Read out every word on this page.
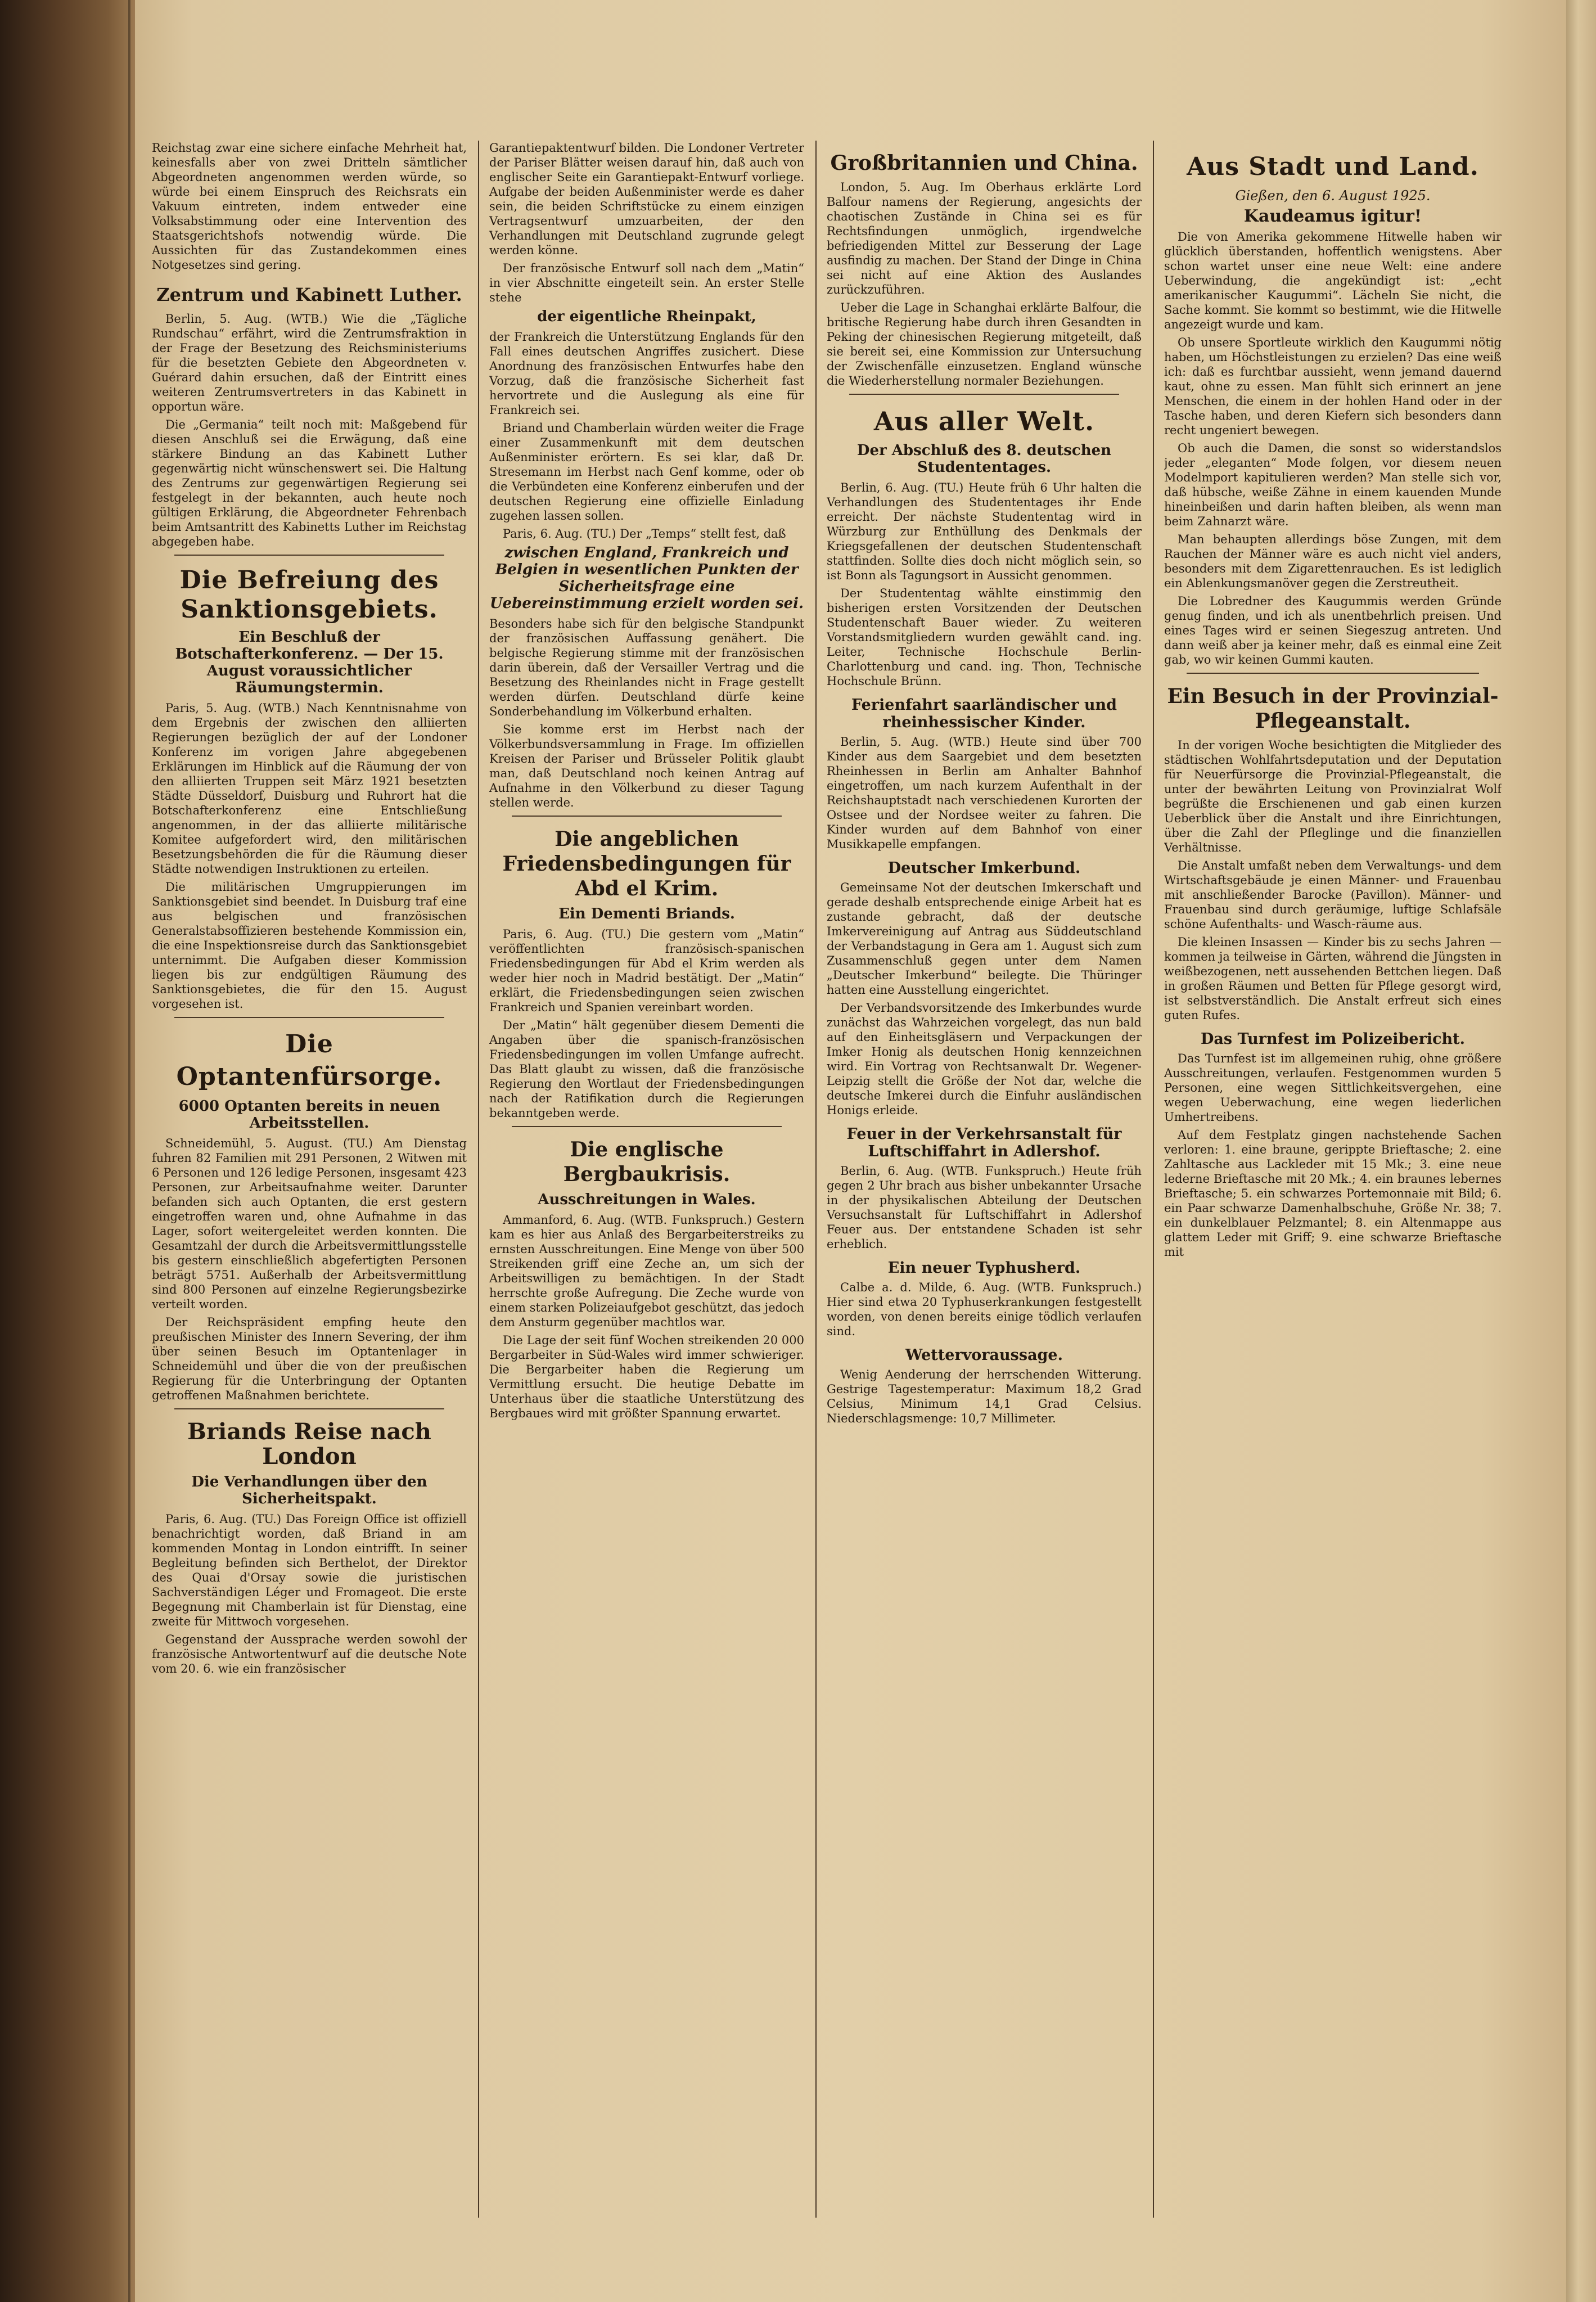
Reichstag zwar eine sichere einfache Mehrheit hat, keinesfalls aber von zwei Dritteln sämtlicher Abgeordneten angenommen werden würde, so würde bei einem Einspruch des Reichsrats ein Vakuum eintreten, indem entweder eine Volksabstimmung oder eine Intervention des Staatsgerichtshofs notwendig würde. Die Aussichten für das Zustandekommen eines Notgesetzes sind gering.

Zentrum und Kabinett Luther.

Berlin, 5. Aug. (WTB.) Wie die „Tägliche Rundschau“ erfährt, wird die Zentrumsfraktion in der Frage der Besetzung des Reichsministeriums für die besetzten Gebiete den Abgeordneten v. Guérard dahin ersuchen, daß der Eintritt eines weiteren Zentrumsvertreters in das Kabinett in opportun wäre.

Die „Germania“ teilt noch mit: Maßgebend für diesen Anschluß sei die Erwägung, daß eine stärkere Bindung an das Kabinett Luther gegenwärtig nicht wünschenswert sei. Die Haltung des Zentrums zur gegenwärtigen Regierung sei festgelegt in der bekannten, auch heute noch gültigen Erklärung, die Abgeordneter Fehrenbach beim Amtsantritt des Kabinetts Luther im Reichstag abgegeben habe.

Die Befreiung des Sanktionsgebiets.
Ein Beschluß der Botschafterkonferenz. — Der 15. August voraussichtlicher Räumungstermin.

Paris, 5. Aug. (WTB.) Nach Kenntnisnahme von dem Ergebnis der zwischen den alliierten Regierungen bezüglich der auf der Londoner Konferenz im vorigen Jahre abgegebenen Erklärungen im Hinblick auf die Räumung der von den alliierten Truppen seit März 1921 besetzten Städte Düsseldorf, Duisburg und Ruhrort hat die Botschafterkonferenz eine Entschließung angenommen, in der das alliierte militärische Komitee aufgefordert wird, den militärischen Besetzungsbehörden die für die Räumung dieser Städte notwendigen Instruktionen zu erteilen.

Die militärischen Umgruppierungen im Sanktionsgebiet sind beendet. In Duisburg traf eine aus belgischen und französischen Generalstabsoffizieren bestehende Kommission ein, die eine Inspektionsreise durch das Sanktionsgebiet unternimmt. Die Aufgaben dieser Kommission liegen bis zur endgültigen Räumung des Sanktionsgebietes, die für den 15. August vorgesehen ist.

Die Optantenfürsorge.
6000 Optanten bereits in neuen Arbeitsstellen.

Schneidemühl, 5. August. (TU.) Am Dienstag fuhren 82 Familien mit 291 Personen, 2 Witwen mit 6 Personen und 126 ledige Personen, insgesamt 423 Personen, zur Arbeitsaufnahme weiter. Darunter befanden sich auch Optanten, die erst gestern eingetroffen waren und, ohne Aufnahme in das Lager, sofort weitergeleitet werden konnten. Die Gesamtzahl der durch die Arbeitsvermittlungsstelle bis gestern einschließlich abgefertigten Personen beträgt 5751. Außerhalb der Arbeitsvermittlung sind 800 Personen auf einzelne Regierungsbezirke verteilt worden.

Der Reichspräsident empfing heute den preußischen Minister des Innern Severing, der ihm über seinen Besuch im Optantenlager in Schneidemühl und über die von der preußischen Regierung für die Unterbringung der Optanten getroffenen Maßnahmen berichtete.

Briands Reise nach London
Die Verhandlungen über den Sicherheitspakt.

Paris, 6. Aug. (TU.) Das Foreign Office ist offiziell benachrichtigt worden, daß Briand in am kommenden Montag in London eintrifft. In seiner Begleitung befinden sich Berthelot, der Direktor des Quai d'Orsay sowie die juristischen Sachverständigen Léger und Fromageot. Die erste Begegnung mit Chamberlain ist für Dienstag, eine zweite für Mittwoch vorgesehen.

Gegenstand der Aussprache werden sowohl der französische Antwortentwurf auf die deutsche Note vom 20. 6. wie ein französischer

Garantiepaktentwurf bilden. Die Londoner Vertreter der Pariser Blätter weisen darauf hin, daß auch von englischer Seite ein Garantiepakt-Entwurf vorliege. Aufgabe der beiden Außenminister werde es daher sein, die beiden Schriftstücke zu einem einzigen Vertragsentwurf umzuarbeiten, der den Verhandlungen mit Deutschland zugrunde gelegt werden könne.

Der französische Entwurf soll nach dem „Matin“ in vier Abschnitte eingeteilt sein. An erster Stelle stehe

der eigentliche Rheinpakt,

der Frankreich die Unterstützung Englands für den Fall eines deutschen Angriffes zusichert. Diese Anordnung des französischen Entwurfes habe den Vorzug, daß die französische Sicherheit fast hervortrete und die Auslegung als eine für Frankreich sei.

Briand und Chamberlain würden weiter die Frage einer Zusammenkunft mit dem deutschen Außenminister erörtern. Es sei klar, daß Dr. Stresemann im Herbst nach Genf komme, oder ob die Verbündeten eine Konferenz einberufen und der deutschen Regierung eine offizielle Einladung zugehen lassen sollen.

Paris, 6. Aug. (TU.) Der „Temps“ stellt fest, daß

zwischen England, Frankreich und Belgien in wesentlichen Punkten der Sicherheitsfrage eine Uebereinstimmung erzielt worden sei.

Besonders habe sich für den belgische Standpunkt der französischen Auffassung genähert. Die belgische Regierung stimme mit der französischen darin überein, daß der Versailler Vertrag und die Besetzung des Rheinlandes nicht in Frage gestellt werden dürfen. Deutschland dürfe keine Sonderbehandlung im Völkerbund erhalten.

Sie komme erst im Herbst nach der Völkerbundsversammlung in Frage. Im offiziellen Kreisen der Pariser und Brüsseler Politik glaubt man, daß Deutschland noch keinen Antrag auf Aufnahme in den Völkerbund zu dieser Tagung stellen werde.

Die angeblichen Friedensbedingungen für Abd el Krim.
Ein Dementi Briands.

Paris, 6. Aug. (TU.) Die gestern vom „Matin“ veröffentlichten französisch-spanischen Friedensbedingungen für Abd el Krim werden als weder hier noch in Madrid bestätigt. Der „Matin“ erklärt, die Friedensbedingungen seien zwischen Frankreich und Spanien vereinbart worden.

Der „Matin“ hält gegenüber diesem Dementi die Angaben über die spanisch-französischen Friedensbedingungen im vollen Umfange aufrecht. Das Blatt glaubt zu wissen, daß die französische Regierung den Wortlaut der Friedensbedingungen nach der Ratifikation durch die Regierungen bekanntgeben werde.

Die englische Bergbaukrisis.
Ausschreitungen in Wales.

Ammanford, 6. Aug. (WTB. Funkspruch.) Gestern kam es hier aus Anlaß des Bergarbeiterstreiks zu ernsten Ausschreitungen. Eine Menge von über 500 Streikenden griff eine Zeche an, um sich der Arbeitswilligen zu bemächtigen. In der Stadt herrschte große Aufregung. Die Zeche wurde von einem starken Polizeiaufgebot geschützt, das jedoch dem Ansturm gegenüber machtlos war.

Die Lage der seit fünf Wochen streikenden 20 000 Bergarbeiter in Süd-Wales wird immer schwieriger. Die Bergarbeiter haben die Regierung um Vermittlung ersucht. Die heutige Debatte im Unterhaus über die staatliche Unterstützung des Bergbaues wird mit größter Spannung erwartet.

Großbritannien und China.

London, 5. Aug. Im Oberhaus erklärte Lord Balfour namens der Regierung, angesichts der chaotischen Zustände in China sei es für Rechtsfindungen unmöglich, irgendwelche befriedigenden Mittel zur Besserung der Lage ausfindig zu machen. Der Stand der Dinge in China sei nicht auf eine Aktion des Auslandes zurückzuführen.

Ueber die Lage in Schanghai erklärte Balfour, die britische Regierung habe durch ihren Gesandten in Peking der chinesischen Regierung mitgeteilt, daß sie bereit sei, eine Kommission zur Untersuchung der Zwischenfälle einzusetzen. England wünsche die Wiederherstellung normaler Beziehungen.

Aus aller Welt.
Der Abschluß des 8. deutschen Studententages.

Berlin, 6. Aug. (TU.) Heute früh 6 Uhr halten die Verhandlungen des Studententages ihr Ende erreicht. Der nächste Studententag wird in Würzburg zur Enthüllung des Denkmals der Kriegsgefallenen der deutschen Studentenschaft stattfinden. Sollte dies doch nicht möglich sein, so ist Bonn als Tagungsort in Aussicht genommen.

Der Studententag wählte einstimmig den bisherigen ersten Vorsitzenden der Deutschen Studentenschaft Bauer wieder. Zu weiteren Vorstandsmitgliedern wurden gewählt cand. ing. Leiter, Technische Hochschule Berlin-Charlottenburg und cand. ing. Thon, Technische Hochschule Brünn.

Ferienfahrt saarländischer und rheinhessischer Kinder.

Berlin, 5. Aug. (WTB.) Heute sind über 700 Kinder aus dem Saargebiet und dem besetzten Rheinhessen in Berlin am Anhalter Bahnhof eingetroffen, um nach kurzem Aufenthalt in der Reichshauptstadt nach verschiedenen Kurorten der Ostsee und der Nordsee weiter zu fahren. Die Kinder wurden auf dem Bahnhof von einer Musikkapelle empfangen.

Deutscher Imkerbund.

Gemeinsame Not der deutschen Imkerschaft und gerade deshalb entsprechende einige Arbeit hat es zustande gebracht, daß der deutsche Imkervereinigung auf Antrag aus Süddeutschland der Verbandstagung in Gera am 1. August sich zum Zusammenschluß gegen unter dem Namen „Deutscher Imkerbund“ beilegte. Die Thüringer hatten eine Ausstellung eingerichtet.

Der Verbandsvorsitzende des Imkerbundes wurde zunächst das Wahrzeichen vorgelegt, das nun bald auf den Einheitsgläsern und Verpackungen der Imker Honig als deutschen Honig kennzeichnen wird. Ein Vortrag von Rechtsanwalt Dr. Wegener-Leipzig stellt die Größe der Not dar, welche die deutsche Imkerei durch die Einfuhr ausländischen Honigs erleide.

Feuer in der Verkehrsanstalt für Luftschiffahrt in Adlershof.

Berlin, 6. Aug. (WTB. Funkspruch.) Heute früh gegen 2 Uhr brach aus bisher unbekannter Ursache in der physikalischen Abteilung der Deutschen Versuchsanstalt für Luftschiffahrt in Adlershof Feuer aus. Der entstandene Schaden ist sehr erheblich.

Ein neuer Typhusherd.

Calbe a. d. Milde, 6. Aug. (WTB. Funkspruch.) Hier sind etwa 20 Typhuserkrankungen festgestellt worden, von denen bereits einige tödlich verlaufen sind.

Wettervoraussage.

Wenig Aenderung der herrschenden Witterung. Gestrige Tagestemperatur: Maximum 18,2 Grad Celsius, Minimum 14,1 Grad Celsius. Niederschlagsmenge: 10,7 Millimeter.

Aus Stadt und Land.
Gießen, den 6. August 1925.
Kaudeamus igitur!

Die von Amerika gekommene Hitwelle haben wir glücklich überstanden, hoffentlich wenigstens. Aber schon wartet unser eine neue Welt: eine andere Ueberwindung, die angekündigt ist: „echt amerikanischer Kaugummi“. Lächeln Sie nicht, die Sache kommt. Sie kommt so bestimmt, wie die Hitwelle angezeigt wurde und kam.

Ob unsere Sportleute wirklich den Kaugummi nötig haben, um Höchstleistungen zu erzielen? Das eine weiß ich: daß es furchtbar aussieht, wenn jemand dauernd kaut, ohne zu essen. Man fühlt sich erinnert an jene Menschen, die einem in der hohlen Hand oder in der Tasche haben, und deren Kiefern sich besonders dann recht ungeniert bewegen.

Ob auch die Damen, die sonst so widerstandslos jeder „eleganten“ Mode folgen, vor diesem neuen Modelmport kapitulieren werden? Man stelle sich vor, daß hübsche, weiße Zähne in einem kauenden Munde hineinbeißen und darin haften bleiben, als wenn man beim Zahnarzt wäre.

Man behaupten allerdings böse Zungen, mit dem Rauchen der Männer wäre es auch nicht viel anders, besonders mit dem Zigarettenrauchen. Es ist lediglich ein Ablenkungsmanöver gegen die Zerstreutheit.

Die Lobredner des Kaugummis werden Gründe genug finden, und ich als unentbehrlich preisen. Und eines Tages wird er seinen Siegeszug antreten. Und dann weiß aber ja keiner mehr, daß es einmal eine Zeit gab, wo wir keinen Gummi kauten.

Ein Besuch in der Provinzial-Pflegeanstalt.

In der vorigen Woche besichtigten die Mitglieder des städtischen Wohlfahrtsdeputation und der Deputation für Neuerfürsorge die Provinzial-Pflegeanstalt, die unter der bewährten Leitung von Provinzialrat Wolf begrüßte die Erschienenen und gab einen kurzen Ueberblick über die Anstalt und ihre Einrichtungen, über die Zahl der Pfleglinge und die finanziellen Verhältnisse.

Die Anstalt umfaßt neben dem Verwaltungs- und dem Wirtschaftsgebäude je einen Männer- und Frauenbau mit anschließender Barocke (Pavillon). Männer- und Frauenbau sind durch geräumige, luftige Schlafsäle schöne Aufenthalts- und Wasch-räume aus.

Die kleinen Insassen — Kinder bis zu sechs Jahren — kommen ja teilweise in Gärten, während die Jüngsten in weißbezogenen, nett aussehenden Bettchen liegen. Daß in großen Räumen und Betten für Pflege gesorgt wird, ist selbstverständlich. Die Anstalt erfreut sich eines guten Rufes.

Das Turnfest im Polizeibericht.

Das Turnfest ist im allgemeinen ruhig, ohne größere Ausschreitungen, verlaufen. Festgenommen wurden 5 Personen, eine wegen Sittlichkeitsvergehen, eine wegen Ueberwachung, eine wegen liederlichen Umhertreibens.

Auf dem Festplatz gingen nachstehende Sachen verloren: 1. eine braune, gerippte Brieftasche; 2. eine Zahltasche aus Lackleder mit 15 Mk.; 3. eine neue lederne Brieftasche mit 20 Mk.; 4. ein braunes lebernes Brieftasche; 5. ein schwarzes Portemonnaie mit Bild; 6. ein Paar schwarze Damenhalbschuhe, Größe Nr. 38; 7. ein dunkelblauer Pelzmantel; 8. ein Altenmappe aus glattem Leder mit Griff; 9. eine schwarze Brieftasche mit
